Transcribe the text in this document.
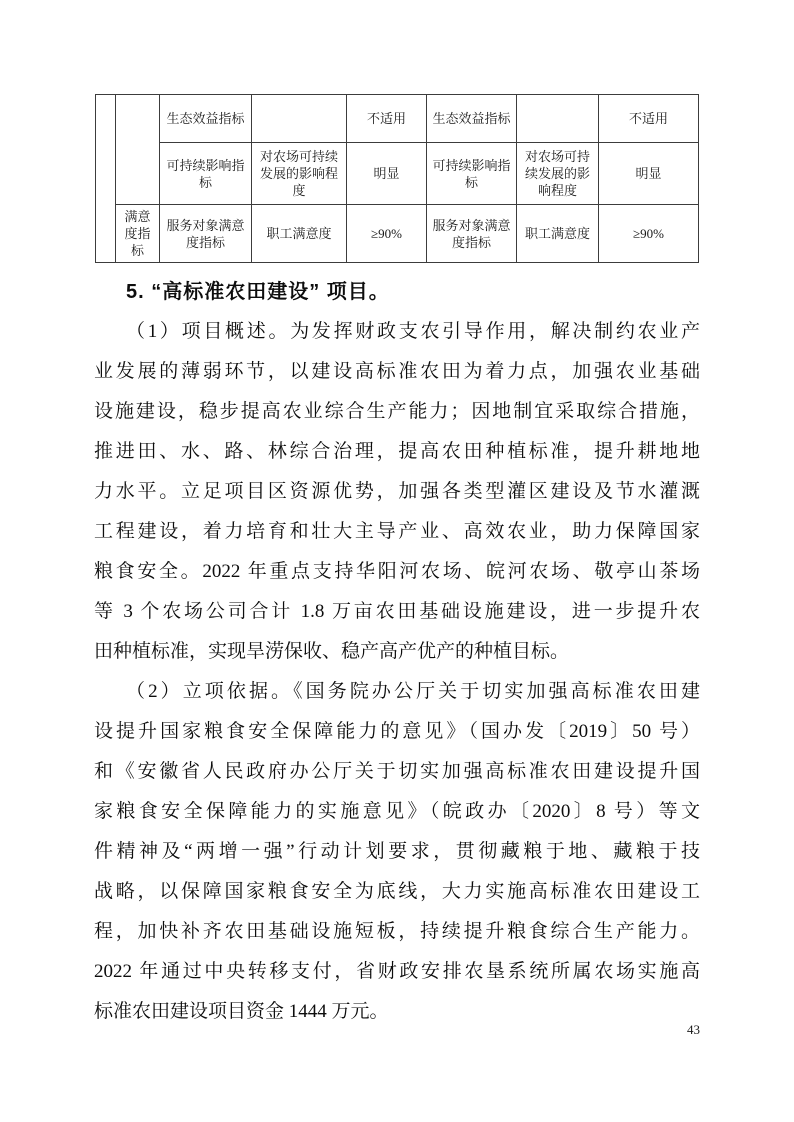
		生态效益指标		不适用	生态效益指标		不适用
		可持续影响指标	对农场可持续发展的影响程度	明显	可持续影响指标	对农场可持续发展的影响程度	明显
	满意度指标	服务对象满意度指标	职工满意度	≥90%	服务对象满意度指标	职工满意度	≥90%
5. “高标准农田建设” 项目。
（1）项目概述。为发挥财政支农引导作用，解决制约农业产
业发展的薄弱环节，以建设高标准农田为着力点，加强农业基础
设施建设，稳步提高农业综合生产能力；因地制宜采取综合措施，
推进田、水、路、林综合治理，提高农田种植标准，提升耕地地
力水平。立足项目区资源优势，加强各类型灌区建设及节水灌溉
工程建设，着力培育和壮大主导产业、高效农业，助力保障国家
粮食安全。2022 年重点支持华阳河农场、皖河农场、敬亭山茶场
等 3 个农场公司合计 1.8 万亩农田基础设施建设，进一步提升农
田种植标准，实现旱涝保收、稳产高产优产的种植目标。
（2）立项依据。《国务院办公厅关于切实加强高标准农田建
设提升国家粮食安全保障能力的意见》（国办发〔2019〕50 号）
和《安徽省人民政府办公厅关于切实加强高标准农田建设提升国
家粮食安全保障能力的实施意见》（皖政办〔2020〕8 号）等文
件精神及“两增一强”行动计划要求，贯彻藏粮于地、藏粮于技
战略，以保障国家粮食安全为底线，大力实施高标准农田建设工
程，加快补齐农田基础设施短板，持续提升粮食综合生产能力。
2022 年通过中央转移支付，省财政安排农垦系统所属农场实施高
标准农田建设项目资金 1444 万元。
43
